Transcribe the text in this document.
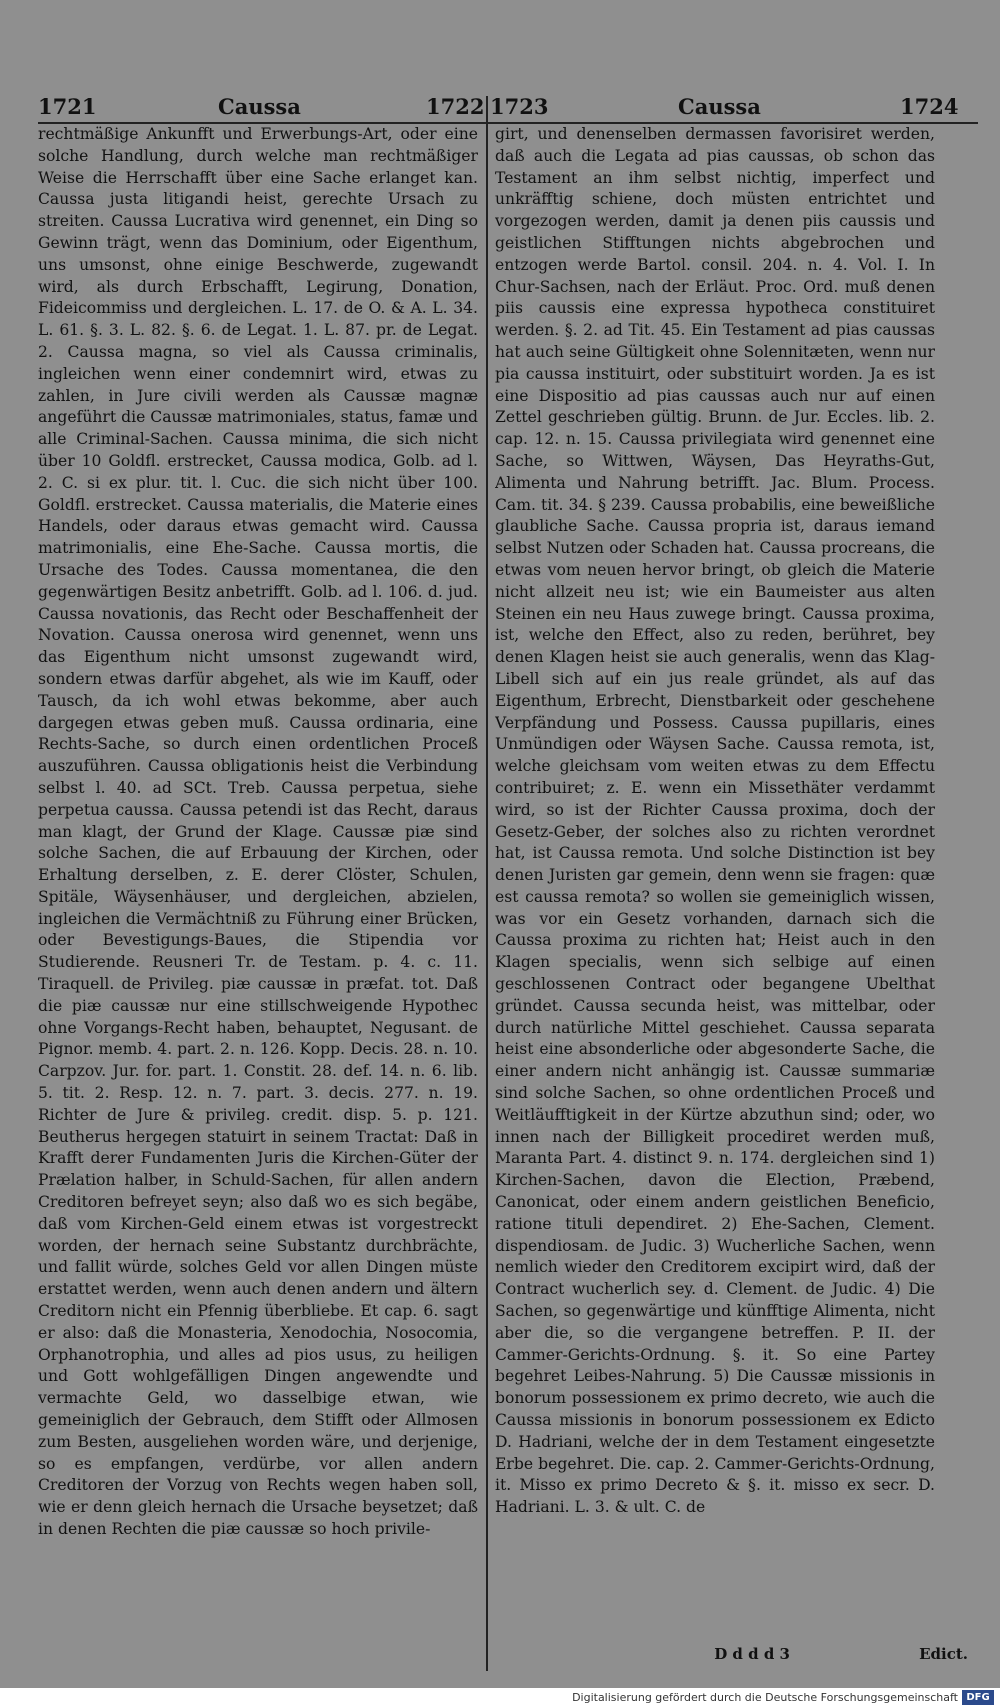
1721	Caussa	1722 1723	Caussa	1724
rechtmäßige Ankunfft und Erwerbungs-Art, oder eine solche Handlung, durch welche man rechtmäßiger Weise die Herrschafft über eine Sache erlanget kan. Caussa justa litigandi heist, gerechte Ursach zu streiten. Caussa Lucrativa wird genennet, ein Ding so Gewinn trägt, wenn das Dominium, oder Eigenthum, uns umsonst, ohne einige Beschwerde, zugewandt wird, als durch Erbschafft, Legirung, Donation, Fideicommiss und dergleichen. L. 17. de O. & A. L. 34. L. 61. §. 3. L. 82. §. 6. de Legat. 1. L. 87. pr. de Legat. 2. Caussa magna, so viel als Caussa criminalis, ingleichen wenn einer condemnirt wird, etwas zu zahlen, in Jure civili werden als Caussæ magnæ angeführt die Caussæ matrimoniales, status, famæ und alle Criminal-Sachen. Caussa minima, die sich nicht über 10 Goldfl. erstrecket, Caussa modica, Golb. ad l. 2. C. si ex plur. tit. l. Cuc. die sich nicht über 100. Goldfl. erstrecket. Caussa materialis, die Materie eines Handels, oder daraus etwas gemacht wird. Caussa matrimonialis, eine Ehe-Sache. Caussa mortis, die Ursache des Todes. Caussa momentanea, die den gegenwärtigen Besitz anbetrifft. Golb. ad l. 106. d. jud. Caussa novationis, das Recht oder Beschaffenheit der Novation. Caussa onerosa wird genennet, wenn uns das Eigenthum nicht umsonst zugewandt wird, sondern etwas darfür abgehet, als wie im Kauff, oder Tausch, da ich wohl etwas bekomme, aber auch dargegen etwas geben muß. Caussa ordinaria, eine Rechts-Sache, so durch einen ordentlichen Proceß auszuführen. Caussa obligationis heist die Verbindung selbst l. 40. ad SCt. Treb. Caussa perpetua, siehe perpetua caussa. Caussa petendi ist das Recht, daraus man klagt, der Grund der Klage. Caussæ piæ sind solche Sachen, die auf Erbauung der Kirchen, oder Erhaltung derselben, z. E. derer Clöster, Schulen, Spitäle, Wäysenhäuser, und dergleichen, abzielen, ingleichen die Vermächtniß zu Führung einer Brücken, oder Bevestigungs-Baues, die Stipendia vor Studierende. Reusneri Tr. de Testam. p. 4. c. 11. Tiraquell. de Privileg. piæ caussæ in præfat. tot. Daß die piæ caussæ nur eine stillschweigende Hypothec ohne Vorgangs-Recht haben, behauptet, Negusant. de Pignor. memb. 4. part. 2. n. 126. Kopp. Decis. 28. n. 10. Carpzov. Jur. for. part. 1. Constit. 28. def. 14. n. 6. lib. 5. tit. 2. Resp. 12. n. 7. part. 3. decis. 277. n. 19. Richter de Jure & privileg. credit. disp. 5. p. 121. Beutherus hergegen statuirt in seinem Tractat: Daß in Krafft derer Fundamenten Juris die Kirchen-Güter der Prælation halber, in Schuld-Sachen, für allen andern Creditoren befreyet seyn; also daß wo es sich begäbe, daß vom Kirchen-Geld einem etwas ist vorgestreckt worden, der hernach seine Substantz durchbrächte, und fallit würde, solches Geld vor allen Dingen müste erstattet werden, wenn auch denen andern und ältern Creditorn nicht ein Pfennig überbliebe. Et cap. 6. sagt er also: daß die Monasteria, Xenodochia, Nosocomia, Orphanotrophia, und alles ad pios usus, zu heiligen und Gott wohlgefälligen Dingen angewendte und vermachte Geld, wo dasselbige etwan, wie gemeiniglich der Gebrauch, dem Stifft oder Allmosen zum Besten, ausgeliehen worden wäre, und derjenige, so es empfangen, verdürbe, vor allen andern Creditoren der Vorzug von Rechts wegen haben soll, wie er denn gleich hernach die Ursache beysetzet; daß in denen Rechten die piæ caussæ so hoch privile-
girt, und denenselben dermassen favorisiret werden, daß auch die Legata ad pias caussas, ob schon das Testament an ihm selbst nichtig, imperfect und unkräfftig schiene, doch müsten entrichtet und vorgezogen werden, damit ja denen piis caussis und geistlichen Stifftungen nichts abgebrochen und entzogen werde Bartol. consil. 204. n. 4. Vol. I. In Chur-Sachsen, nach der Erläut. Proc. Ord. muß denen piis caussis eine expressa hypotheca constituiret werden. §. 2. ad Tit. 45. Ein Testament ad pias caussas hat auch seine Gültigkeit ohne Solennitæten, wenn nur pia caussa instituirt, oder substituirt worden. Ja es ist eine Dispositio ad pias caussas auch nur auf einen Zettel geschrieben gültig. Brunn. de Jur. Eccles. lib. 2. cap. 12. n. 15. Caussa privilegiata wird genennet eine Sache, so Wittwen, Wäysen, Das Heyraths-Gut, Alimenta und Nahrung betrifft. Jac. Blum. Process. Cam. tit. 34. § 239. Caussa probabilis, eine beweißliche glaubliche Sache. Caussa propria ist, daraus iemand selbst Nutzen oder Schaden hat. Caussa procreans, die etwas vom neuen hervor bringt, ob gleich die Materie nicht allzeit neu ist; wie ein Baumeister aus alten Steinen ein neu Haus zuwege bringt. Caussa proxima, ist, welche den Effect, also zu reden, berühret, bey denen Klagen heist sie auch generalis, wenn das Klag-Libell sich auf ein jus reale gründet, als auf das Eigenthum, Erbrecht, Dienstbarkeit oder geschehene Verpfändung und Possess. Caussa pupillaris, eines Unmündigen oder Wäysen Sache. Caussa remota, ist, welche gleichsam vom weiten etwas zu dem Effectu contribuiret; z. E. wenn ein Missethäter verdammt wird, so ist der Richter Caussa proxima, doch der Gesetz-Geber, der solches also zu richten verordnet hat, ist Caussa remota. Und solche Distinction ist bey denen Juristen gar gemein, denn wenn sie fragen: quæ est caussa remota? so wollen sie gemeiniglich wissen, was vor ein Gesetz vorhanden, darnach sich die Caussa proxima zu richten hat; Heist auch in den Klagen specialis, wenn sich selbige auf einen geschlossenen Contract oder begangene Ubelthat gründet. Caussa secunda heist, was mittelbar, oder durch natürliche Mittel geschiehet. Caussa separata heist eine absonderliche oder abgesonderte Sache, die einer andern nicht anhängig ist. Caussæ summariæ sind solche Sachen, so ohne ordentlichen Proceß und Weitläufftigkeit in der Kürtze abzuthun sind; oder, wo innen nach der Billigkeit procediret werden muß, Maranta Part. 4. distinct 9. n. 174. dergleichen sind 1) Kirchen-Sachen, davon die Election, Præbend, Canonicat, oder einem andern geistlichen Beneficio, ratione tituli dependiret. 2) Ehe-Sachen, Clement. dispendiosam. de Judic. 3) Wucherliche Sachen, wenn nemlich wieder den Creditorem excipirt wird, daß der Contract wucherlich sey. d. Clement. de Judic. 4) Die Sachen, so gegenwärtige und künfftige Alimenta, nicht aber die, so die vergangene betreffen. P. II. der Cammer-Gerichts-Ordnung. §. it. So eine Partey begehret Leibes-Nahrung. 5) Die Caussæ missionis in bonorum possessionem ex primo decreto, wie auch die Caussa missionis in bonorum possessionem ex Edicto D. Hadriani, welche der in dem Testament eingesetzte Erbe begehret. Die. cap. 2. Cammer-Gerichts-Ordnung, it. Misso ex primo Decreto & §. it. misso ex secr. D. Hadriani. L. 3. & ult. C. de
D d d d 3	Edict.
Digitalisierung gefördert durch die Deutsche Forschungsgemeinschaft DFG
